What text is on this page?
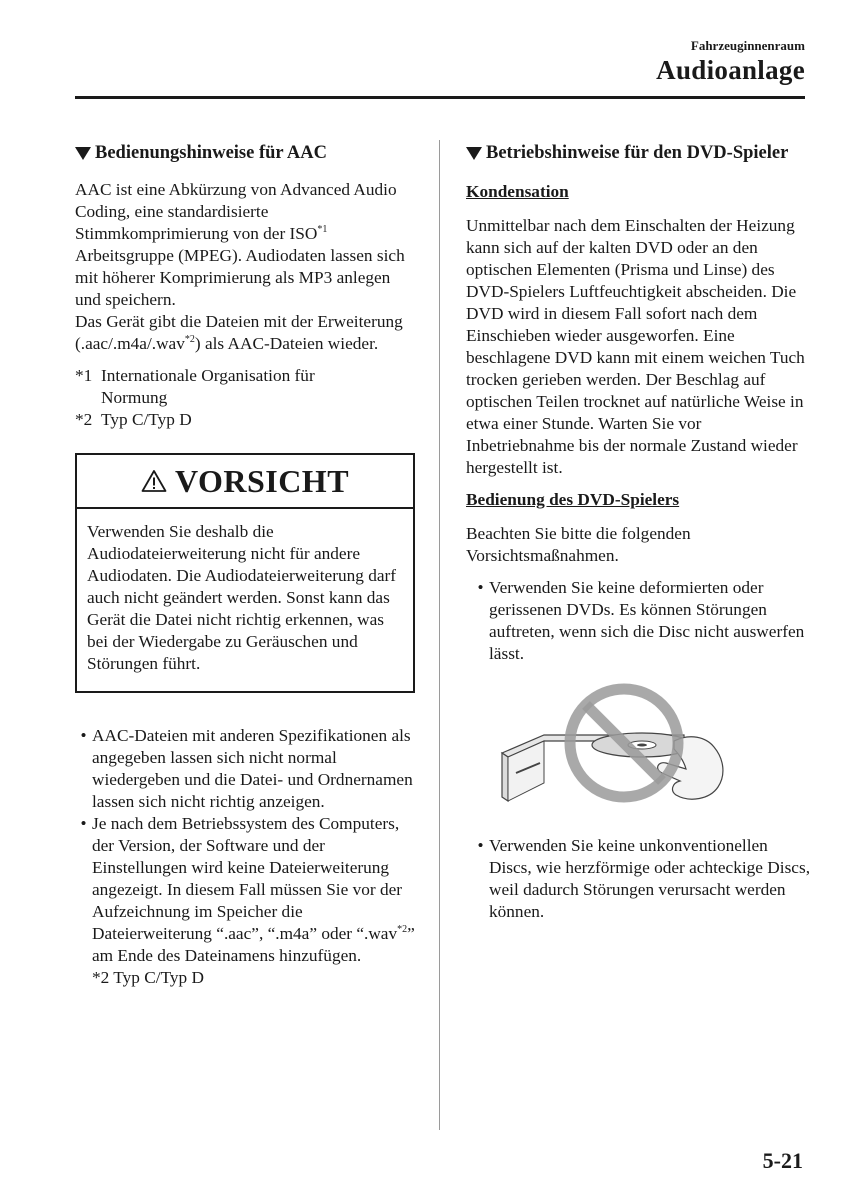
Fahrzeuginnenraum
Audioanlage
Bedienungshinweise für AAC

AAC ist eine Abkürzung von Advanced Audio Coding, eine standardisierte Stimmkomprimierung von der ISO$^{*1}$ Arbeitsgruppe (MPEG). Audiodaten lassen sich mit höherer Komprimierung als MP3 anlegen und speichern.

Das Gerät gibt die Dateien mit der Erweiterung (.aac/.m4a/.wav$^{*2}$) als AAC-Dateien wieder.

*1 Internationale Organisation für
Normung
*2 Typ C/Typ D
VORSICHT
Verwenden Sie deshalb die Audiodateierweiterung nicht für andere Audiodaten. Die Audiodateierweiterung darf auch nicht geändert werden. Sonst kann das Gerät die Datei nicht richtig erkennen, was bei der Wiedergabe zu Geräuschen und Störungen führt.
• AAC-Dateien mit anderen Spezifikationen als angegeben lassen sich nicht normal wiedergeben und die Datei- und Ordnernamen lassen sich nicht richtig anzeigen.
• Je nach dem Betriebssystem des Computers, der Version, der Software und der Einstellungen wird keine Dateierweiterung angezeigt. In diesem Fall müssen Sie vor der Aufzeichnung im Speicher die Dateierweiterung “.aac”, “.m4a” oder “.wav$^{*2}$” am Ende des Dateinamens hinzufügen.
*2 Typ C/Typ D
Betriebshinweise für den DVD-Spieler
Kondensation

Unmittelbar nach dem Einschalten der Heizung kann sich auf der kalten DVD oder an den optischen Elementen (Prisma und Linse) des DVD-Spielers Luftfeuchtigkeit abscheiden. Die DVD wird in diesem Fall sofort nach dem Einschieben wieder ausgeworfen. Eine beschlagene DVD kann mit einem weichen Tuch trocken gerieben werden. Der Beschlag auf optischen Teilen trocknet auf natürliche Weise in etwa einer Stunde. Warten Sie vor Inbetriebnahme bis der normale Zustand wieder hergestellt ist.

Bedienung des DVD-Spielers

Beachten Sie bitte die folgenden Vorsichtsmaßnahmen.

• Verwenden Sie keine deformierten oder gerissenen DVDs. Es können Störungen auftreten, wenn sich die Disc nicht auswerfen lässt.
• Verwenden Sie keine unkonventionellen Discs, wie herzförmige oder achteckige Discs, weil dadurch Störungen verursacht werden können.
5-21
